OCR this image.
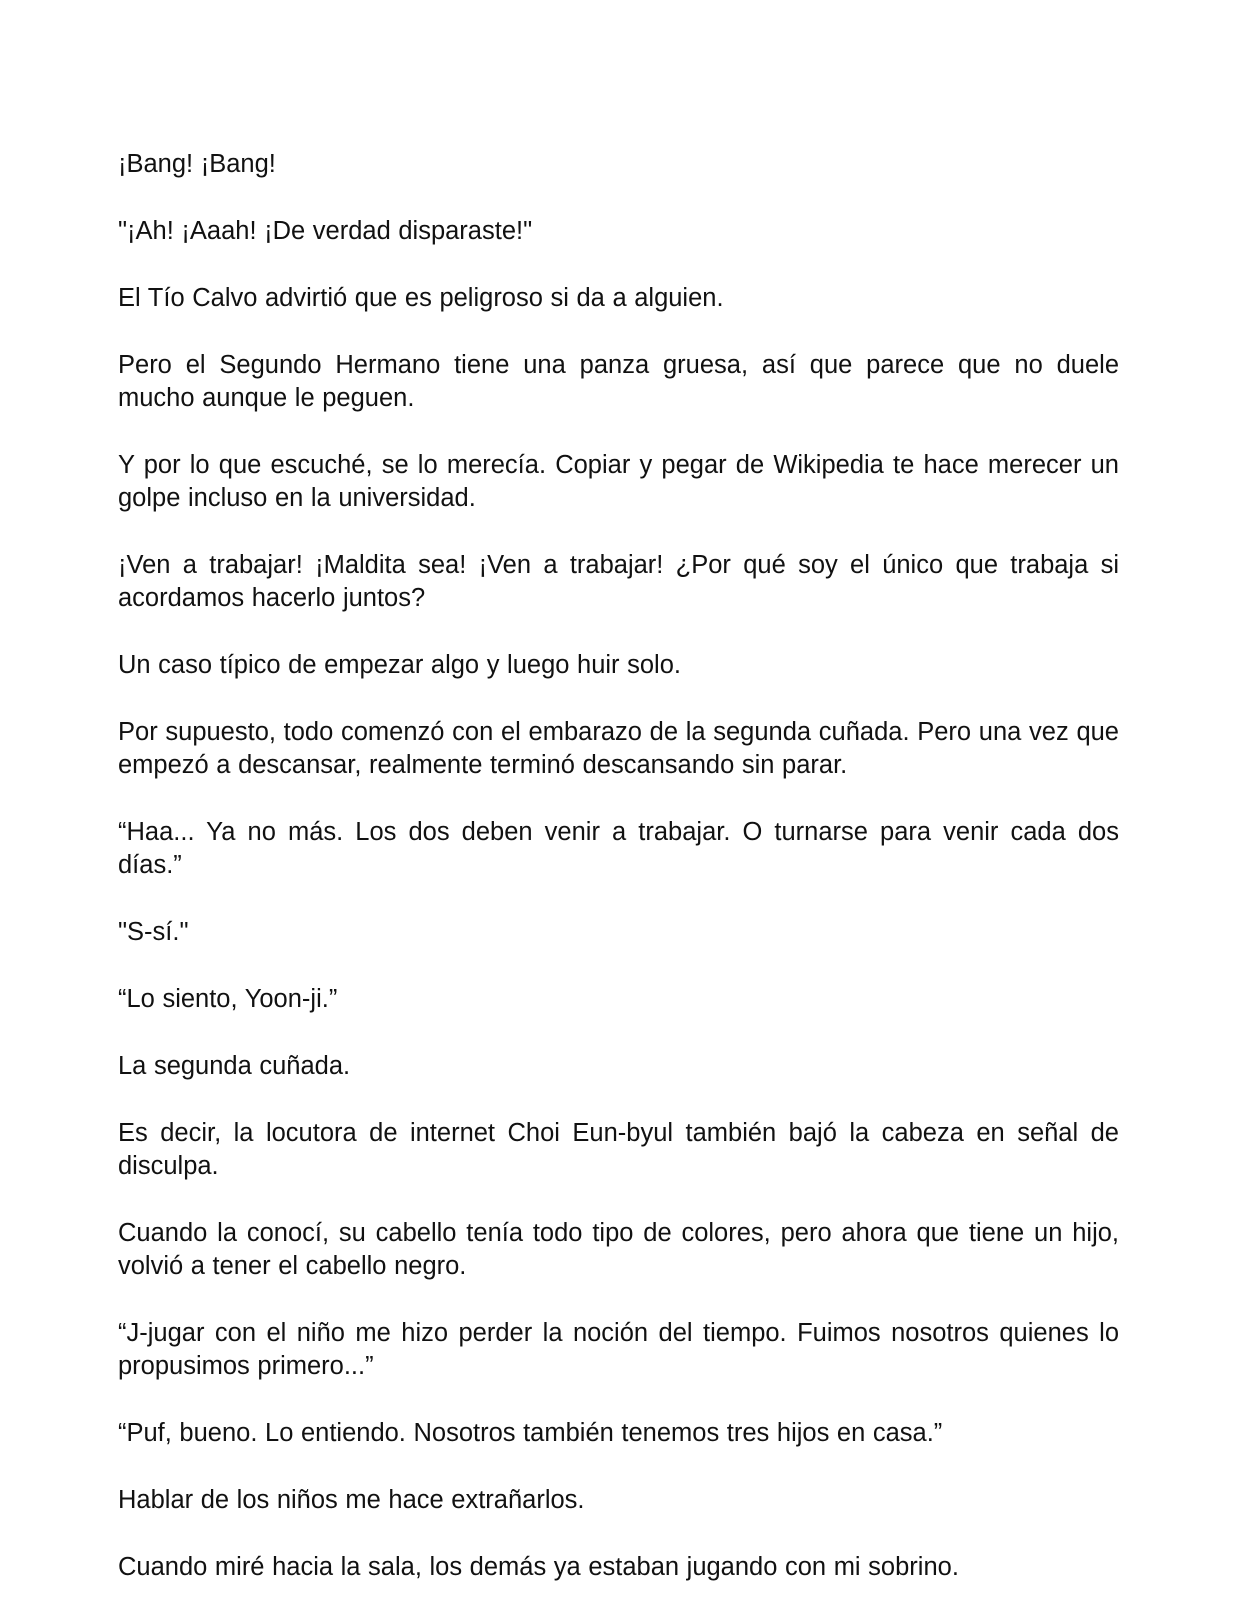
¡Bang! ¡Bang!

"¡Ah! ¡Aaah! ¡De verdad disparaste!"

El Tío Calvo advirtió que es peligroso si da a alguien.

Pero el Segundo Hermano tiene una panza gruesa, así que parece que no duele mucho aunque le peguen.

Y por lo que escuché, se lo merecía. Copiar y pegar de Wikipedia te hace merecer un golpe incluso en la universidad.

¡Ven a trabajar! ¡Maldita sea! ¡Ven a trabajar! ¿Por qué soy el único que trabaja si acordamos hacerlo juntos?

Un caso típico de empezar algo y luego huir solo.

Por supuesto, todo comenzó con el embarazo de la segunda cuñada. Pero una vez que empezó a descansar, realmente terminó descansando sin parar.

“Haa... Ya no más. Los dos deben venir a trabajar. O turnarse para venir cada dos días.”

"S-sí."

“Lo siento, Yoon-ji.”

La segunda cuñada.

Es decir, la locutora de internet Choi Eun-byul también bajó la cabeza en señal de disculpa.

Cuando la conocí, su cabello tenía todo tipo de colores, pero ahora que tiene un hijo, volvió a tener el cabello negro.

“J-jugar con el niño me hizo perder la noción del tiempo. Fuimos nosotros quienes lo propusimos primero...”

“Puf, bueno. Lo entiendo. Nosotros también tenemos tres hijos en casa.”

Hablar de los niños me hace extrañarlos.

Cuando miré hacia la sala, los demás ya estaban jugando con mi sobrino.
